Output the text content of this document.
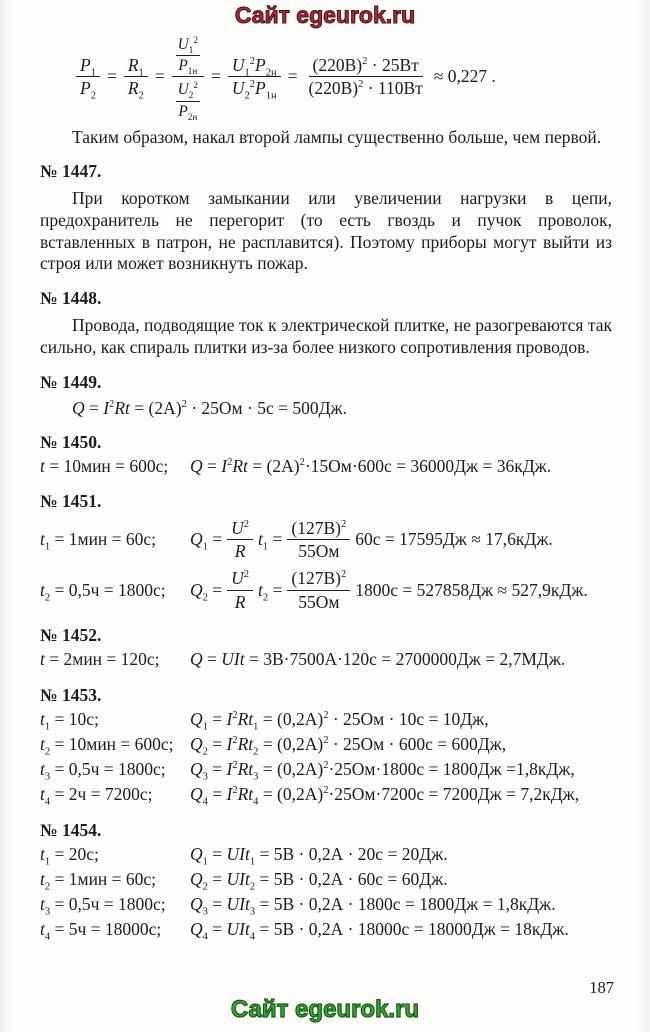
Сайт egeurok.ru
$\frac{P_1}{P_2} = \frac{R_1}{R_2} = \frac{\frac{U_1^2}{P_{1н}}}{\frac{U_2^2}{P_{2н}}} = \frac{U_1^2P_{2н}}{U_2^2P_{1н}} = \frac{(220В)^2 \cdot 25Вт}{(220В)^2 \cdot 110Вт} \approx 0,227$ .

Таким образом, накал второй лампы существенно больше, чем первой.

№ 1447.

При коротком замыкании или увеличении нагрузки в цепи, предохранитель не перегорит (то есть гвоздь и пучок проволок, вставленных в патрон, не расплавится). Поэтому приборы могут выйти из строя или может возникнуть пожар.

№ 1448.

Провода, подводящие ток к электрической плитке, не разогреваются так сильно, как спираль плитки из-за более низкого сопротивления проводов.

№ 1449.
$Q = I^2Rt = (2А)^2 \cdot 25Ом \cdot 5с = 500Дж$.
№ 1450.
t = 10мин = 600с;	$Q = I^2Rt = (2А)^2\cdot 15Ом\cdot 600с = 36000Дж = 36кДж$.
№ 1451.
$t_1 = 1мин = 60с$;	$Q_1 = \frac{U^2}{R} t_1 = \frac{(127В)^2}{55Ом} 60с = 17595Дж \approx 17,6кДж$.
$t_2 = 0,5ч = 1800с$;	$Q_2 = \frac{U^2}{R} t_2 = \frac{(127В)^2}{55Ом} 1800с = 527858Дж \approx 527,9кДж$.
№ 1452.
t = 2мин = 120с;	Q = UIt = 3В·7500А·120с = 2700000Дж = 2,7МДж.
№ 1453.
$t_1 = 10с$;	$Q_1 = I^2Rt_1 = (0,2А)^2 \cdot 25Ом \cdot 10с = 10Дж$,
$t_2 = 10мин = 600с$; $Q_2 = I^2Rt_2 = (0,2А)^2 \cdot 25Ом \cdot 600с = 600Дж$,
$t_3 = 0,5ч = 1800с$;	$Q_3 = I^2Rt_3 = (0,2А)^2\cdot 25Ом\cdot 1800с = 1800Дж =1,8кДж$,
$t_4 = 2ч = 7200с$;	$Q_4 = I^2Rt_4 = (0,2А)^2\cdot 25Ом\cdot 7200с = 7200Дж = 7,2кДж$,
№ 1454.
$t_1 = 20с$;	$Q_1 = UIt_1 = 5В \cdot 0,2А \cdot 20с = 20Дж$.
$t_2 = 1мин = 60с$;	$Q_2 = UIt_2 = 5В \cdot 0,2А \cdot 60с = 60Дж$.
$t_3 = 0,5ч = 1800с$;	$Q_3 = UIt_3 = 5В \cdot 0,2А \cdot 1800с = 1800Дж = 1,8кДж$.
$t_4 = 5ч = 18000с$;	$Q_4 = UIt_4 = 5В \cdot 0,2А \cdot 18000с = 18000Дж = 18кДж$.
187
Сайт egeurok.ru
